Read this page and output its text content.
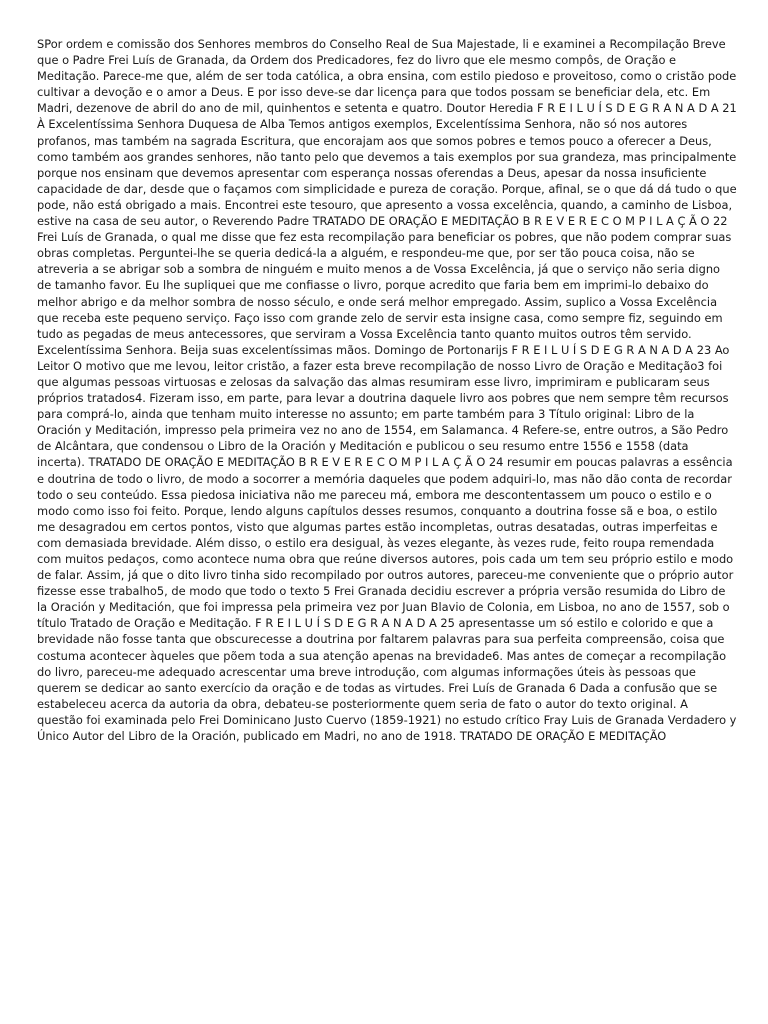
SPor ordem e comissão dos Senhores membros do Conselho Real de Sua Majestade, li e examinei a Recompilação Breve que o Padre Frei Luís de Granada, da Ordem dos Predicadores, fez do livro que ele mesmo compôs, de Oração e Meditação. Parece-me que, além de ser toda católica, a obra ensina, com estilo piedoso e proveitoso, como o cristão pode cultivar a devoção e o amor a Deus. E por isso deve-se dar licença para que todos possam se beneficiar dela, etc. Em Madri, dezenove de abril do ano de mil, quinhentos e setenta e quatro. Doutor Heredia F R E I L U Í S D E G R A N A D A 21 À Excelentíssima Senhora Duquesa de Alba Temos antigos exemplos, Excelentíssima Senhora, não só nos autores profanos, mas também na sagrada Escritura, que encorajam aos que somos pobres e temos pouco a oferecer a Deus, como também aos grandes senhores, não tanto pelo que devemos a tais exemplos por sua grandeza, mas principalmente porque nos ensinam que devemos apresentar com esperança nossas oferendas a Deus, apesar da nossa insuficiente capacidade de dar, desde que o façamos com simplicidade e pureza de coração. Porque, afinal, se o que dá dá tudo o que pode, não está obrigado a mais. Encontrei este tesouro, que apresento a vossa excelência, quando, a caminho de Lisboa, estive na casa de seu autor, o Reverendo Padre TRATADO DE ORAÇÃO E MEDITAÇÃO B R E V E R E C O M P I L A Ç Ã O 22 Frei Luís de Granada, o qual me disse que fez esta recompilação para beneficiar os pobres, que não podem comprar suas obras completas. Perguntei-lhe se queria dedicá-la a alguém, e respondeu-me que, por ser tão pouca coisa, não se atreveria a se abrigar sob a sombra de ninguém e muito menos a de Vossa Excelência, já que o serviço não seria digno de tamanho favor. Eu lhe supliquei que me confiasse o livro, porque acredito que faria bem em imprimi-lo debaixo do melhor abrigo e da melhor sombra de nosso século, e onde será melhor empregado. Assim, suplico a Vossa Excelência que receba este pequeno serviço. Faço isso com grande zelo de servir esta insigne casa, como sempre fiz, seguindo em tudo as pegadas de meus antecessores, que serviram a Vossa Excelência tanto quanto muitos outros têm servido. Excelentíssima Senhora. Beija suas excelentíssimas mãos. Domingo de Portonarijs F R E I L U Í S D E G R A N A D A 23 Ao Leitor O motivo que me levou, leitor cristão, a fazer esta breve recompilação de nosso Livro de Oração e Meditação3 foi que algumas pessoas virtuosas e zelosas da salvação das almas resumiram esse livro, imprimiram e publicaram seus próprios tratados4. Fizeram isso, em parte, para levar a doutrina daquele livro aos pobres que nem sempre têm recursos para comprá-lo, ainda que tenham muito interesse no assunto; em parte também para 3 Título original: Libro de la Oración y Meditación, impresso pela primeira vez no ano de 1554, em Salamanca. 4 Refere-se, entre outros, a São Pedro de Alcântara, que condensou o Libro de la Oración y Meditación e publicou o seu resumo entre 1556 e 1558 (data incerta). TRATADO DE ORAÇÃO E MEDITAÇÃO B R E V E R E C O M P I L A Ç Ã O 24 resumir em poucas palavras a essência e doutrina de todo o livro, de modo a socorrer a memória daqueles que podem adquiri-lo, mas não dão conta de recordar todo o seu conteúdo. Essa piedosa iniciativa não me pareceu má, embora me descontentassem um pouco o estilo e o modo como isso foi feito. Porque, lendo alguns capítulos desses resumos, conquanto a doutrina fosse sã e boa, o estilo me desagradou em certos pontos, visto que algumas partes estão incompletas, outras desatadas, outras imperfeitas e com demasiada brevidade. Além disso, o estilo era desigual, às vezes elegante, às vezes rude, feito roupa remendada com muitos pedaços, como acontece numa obra que reúne diversos autores, pois cada um tem seu próprio estilo e modo de falar. Assim, já que o dito livro tinha sido recompilado por outros autores, pareceu-me conveniente que o próprio autor fizesse esse trabalho5, de modo que todo o texto 5 Frei Granada decidiu escrever a própria versão resumida do Libro de la Oración y Meditación, que foi impressa pela primeira vez por Juan Blavio de Colonia, em Lisboa, no ano de 1557, sob o título Tratado de Oração e Meditação. F R E I L U Í S D E G R A N A D A 25 apresentasse um só estilo e colorido e que a brevidade não fosse tanta que obscurecesse a doutrina por faltarem palavras para sua perfeita compreensão, coisa que costuma acontecer àqueles que põem toda a sua atenção apenas na brevidade6. Mas antes de começar a recompilação do livro, pareceu-me adequado acrescentar uma breve introdução, com algumas informações úteis às pessoas que querem se dedicar ao santo exercício da oração e de todas as virtudes. Frei Luís de Granada 6 Dada a confusão que se estabeleceu acerca da autoria da obra, debateu-se posteriormente quem seria de fato o autor do texto original. A questão foi examinada pelo Frei Dominicano Justo Cuervo (1859-1921) no estudo crítico Fray Luis de Granada Verdadero y Único Autor del Libro de la Oración, publicado em Madri, no ano de 1918. TRATADO DE ORAÇÃO E MEDITAÇÃO
